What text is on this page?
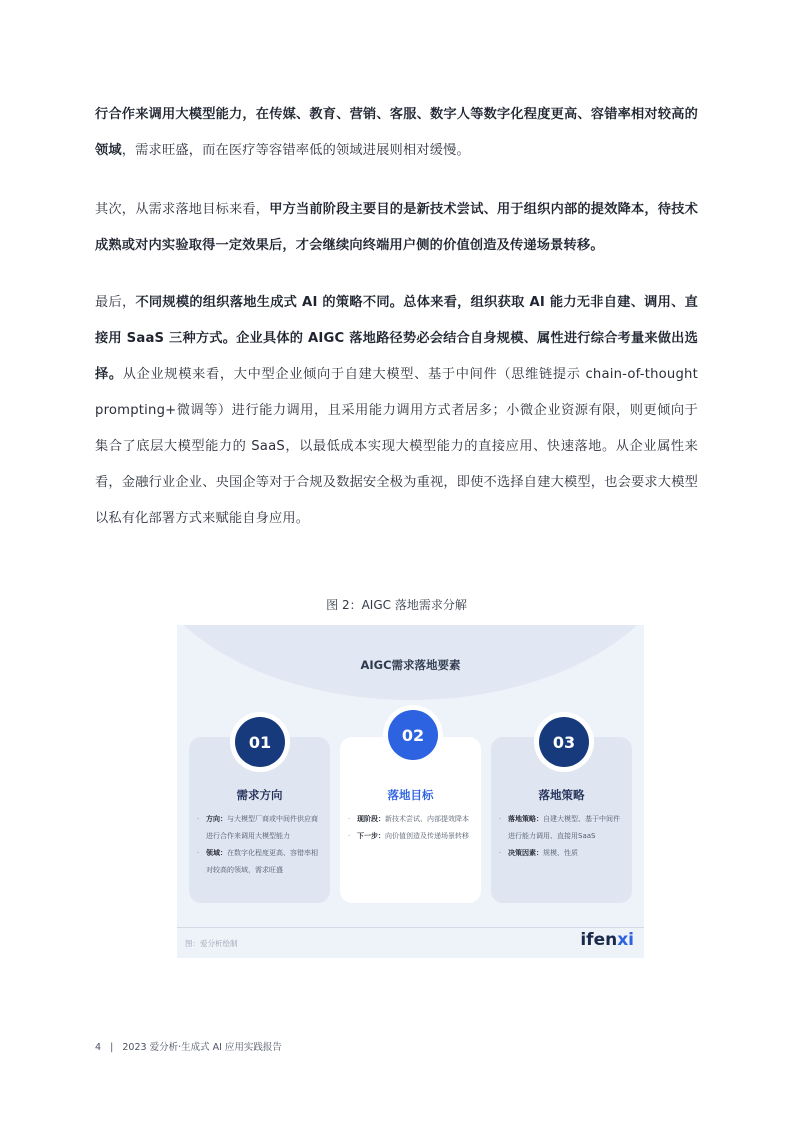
行合作来调用大模型能力，在传媒、教育、营销、客服、数字人等数字化程度更高、容错率相对较高的领域，需求旺盛，而在医疗等容错率低的领域进展则相对缓慢。
其次，从需求落地目标来看，甲方当前阶段主要目的是新技术尝试、用于组织内部的提效降本，待技术成熟或对内实验取得一定效果后，才会继续向终端用户侧的价值创造及传递场景转移。
最后，不同规模的组织落地生成式 AI 的策略不同。总体来看，组织获取 AI 能力无非自建、调用、直接用 SaaS 三种方式。企业具体的 AIGC 落地路径势必会结合自身规模、属性进行综合考量来做出选择。从企业规模来看，大中型企业倾向于自建大模型、基于中间件（思维链提示 chain-of-thought prompting+微调等）进行能力调用，且采用能力调用方式者居多；小微企业资源有限，则更倾向于集合了底层大模型能力的 SaaS，以最低成本实现大模型能力的直接应用、快速落地。从企业属性来看，金融行业企业、央国企等对于合规及数据安全极为重视，即使不选择自建大模型，也会要求大模型以私有化部署方式来赋能自身应用。
图 2：AIGC 落地需求分解
AIGC需求落地要素
需求方向
· 方向：与大模型厂商或中间件供应商进行合作来调用大模型能力
· 领域：在数字化程度更高、容错率相对较高的领域，需求旺盛
01
落地目标
· 现阶段：新技术尝试、内部提效降本
· 下一步：向价值创造及传递场景转移
02
落地策略
· 落地策略：自建大模型、基于中间件进行能力调用、直接用SaaS
· 决策因素：规模、性质
03
图：爱分析绘制	ifenxi
4 | 2023 爱分析·生成式 AI 应用实践报告
